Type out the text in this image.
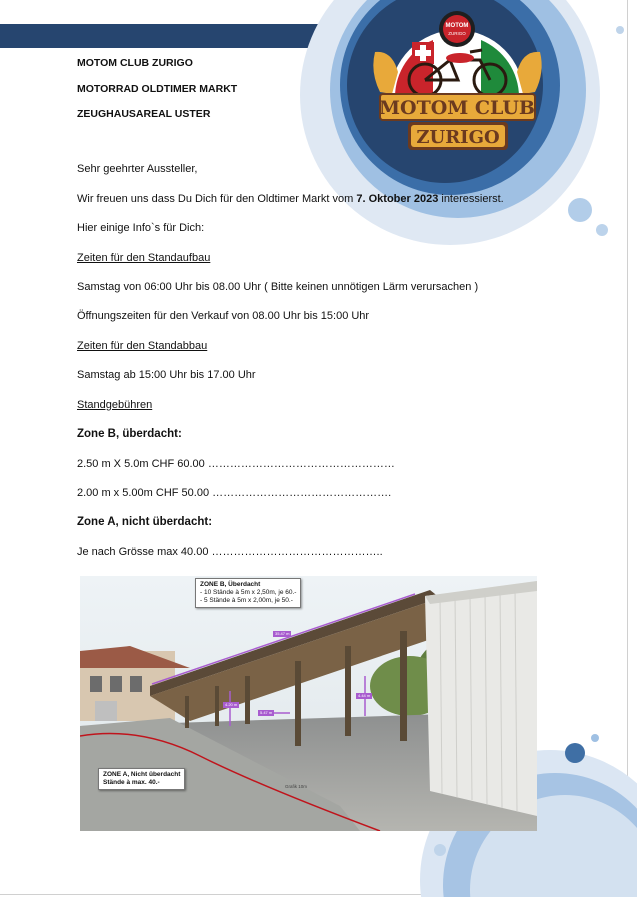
MOTOM
ZURIGO
MOTOM CLUB
ZURIGO
MOTOM CLUB ZURIGO
MOTORRAD OLDTIMER MARKT
ZEUGHAUSAREAL USTER
Sehr geehrter Aussteller,
Wir freuen uns dass Du Dich für den Oldtimer Markt vom 7. Oktober 2023 interessierst.
Hier einige Info`s für Dich:
Zeiten für den Standaufbau
Samstag von 06:00 Uhr bis 08.00 Uhr ( Bitte keinen unnötigen Lärm verursachen )
Öffnungszeiten für den Verkauf von 08.00 Uhr bis 15:00 Uhr
Zeiten für den Standabbau
Samstag ab 15:00 Uhr bis 17.00 Uhr
Standgebühren
Zone B, überdacht:
2.50 m X 5.0m CHF 60.00 ……………………………………………
2.00 m x 5.00m CHF 50.00 ………………………………………….
Zone A, nicht überdacht:
Je nach Grösse max 40.00 ………………………………………..
ZONE B, Überdacht
- 10 Stände à 5m x 2,50m, je 60.-
- 5 Stände à 5m x 2,00m, je 50.-
ZONE A, Nicht überdacht
Stände à max. 40.-
35.47 m
4.20 m
5.47 m
4.44 m
Grafik 10m
